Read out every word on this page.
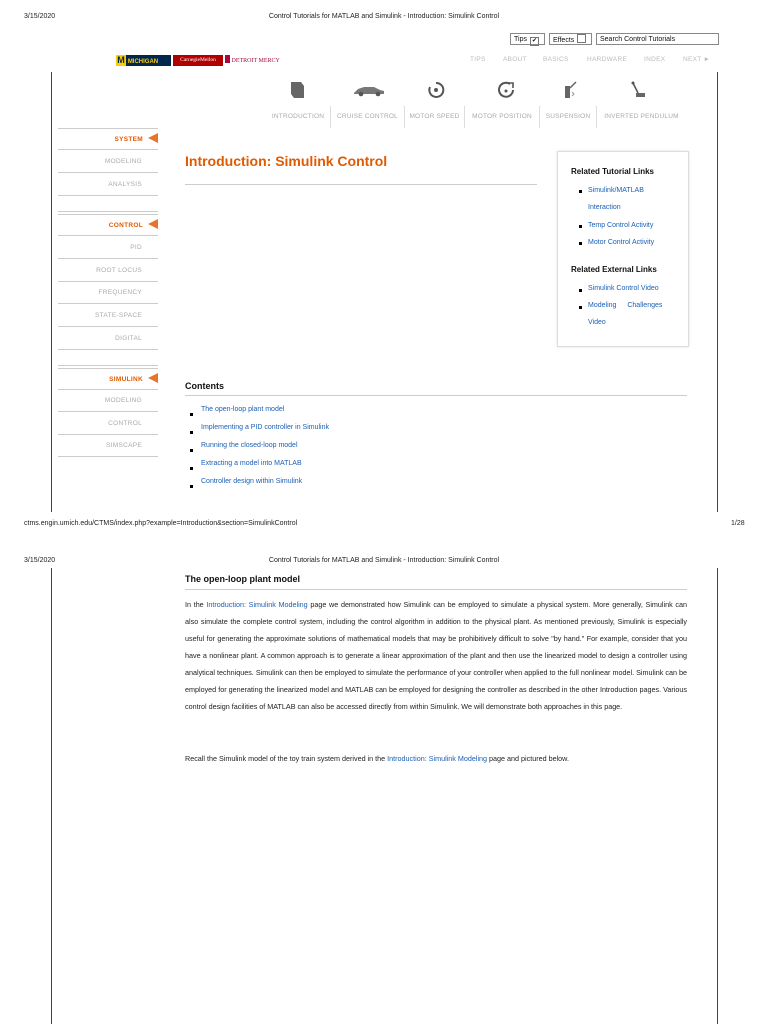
3/15/2020	Control Tutorials for MATLAB and Simulink - Introduction: Simulink Control
Tips ✔	Effects	Search Control Tutorials
M MICHIGAN	CarnegieMellon	DETROIT MERCY	TIPS	ABOUT BASICS	HARDWARE	INDEX	NEXT ►
INTRODUCTION	CRUISE CONTROL	MOTOR SPEED	MOTOR POSITION	SUSPENSION	INVERTED PENDULUM
SYSTEM
MODELING
ANALYSIS
CONTROL
PID
ROOT LOCUS
FREQUENCY
STATE-SPACE
DIGITAL
SIMULINK
MODELING
CONTROL
SIMSCAPE
Introduction: Simulink Control
Related Tutorial Links
Simulink/MATLAB Interaction
Temp Control Activity
Motor Control Activity
Related External Links
Simulink Control Video
Modeling Challenges Video
Contents
The open-loop plant model
Implementing a PID controller in Simulink
Running the closed-loop model
Extracting a model into MATLAB
Controller design within Simulink
ctms.engin.umich.edu/CTMS/index.php?example=Introduction&section=SimulinkControl	1/28
3/15/2020	Control Tutorials for MATLAB and Simulink - Introduction: Simulink Control
The open-loop plant model
In the Introduction: Simulink Modeling page we demonstrated how Simulink can be employed to simulate a physical system. More generally, Simulink can also simulate the complete control system, including the control algorithm in addition to the physical plant. As mentioned previously, Simulink is especially useful for generating the approximate solutions of mathematical models that may be prohibitively difficult to solve "by hand." For example, consider that you have a nonlinear plant. A common approach is to generate a linear approximation of the plant and then use the linearized model to design a controller using analytical techniques. Simulink can then be employed to simulate the performance of your controller when applied to the full nonlinear model. Simulink can be employed for generating the linearized model and MATLAB can be employed for designing the controller as described in the other Introduction pages. Various control design facilities of MATLAB can also be accessed directly from within Simulink. We will demonstrate both approaches in this page.
Recall the Simulink model of the toy train system derived in the Introduction: Simulink Modeling page and pictured below.
